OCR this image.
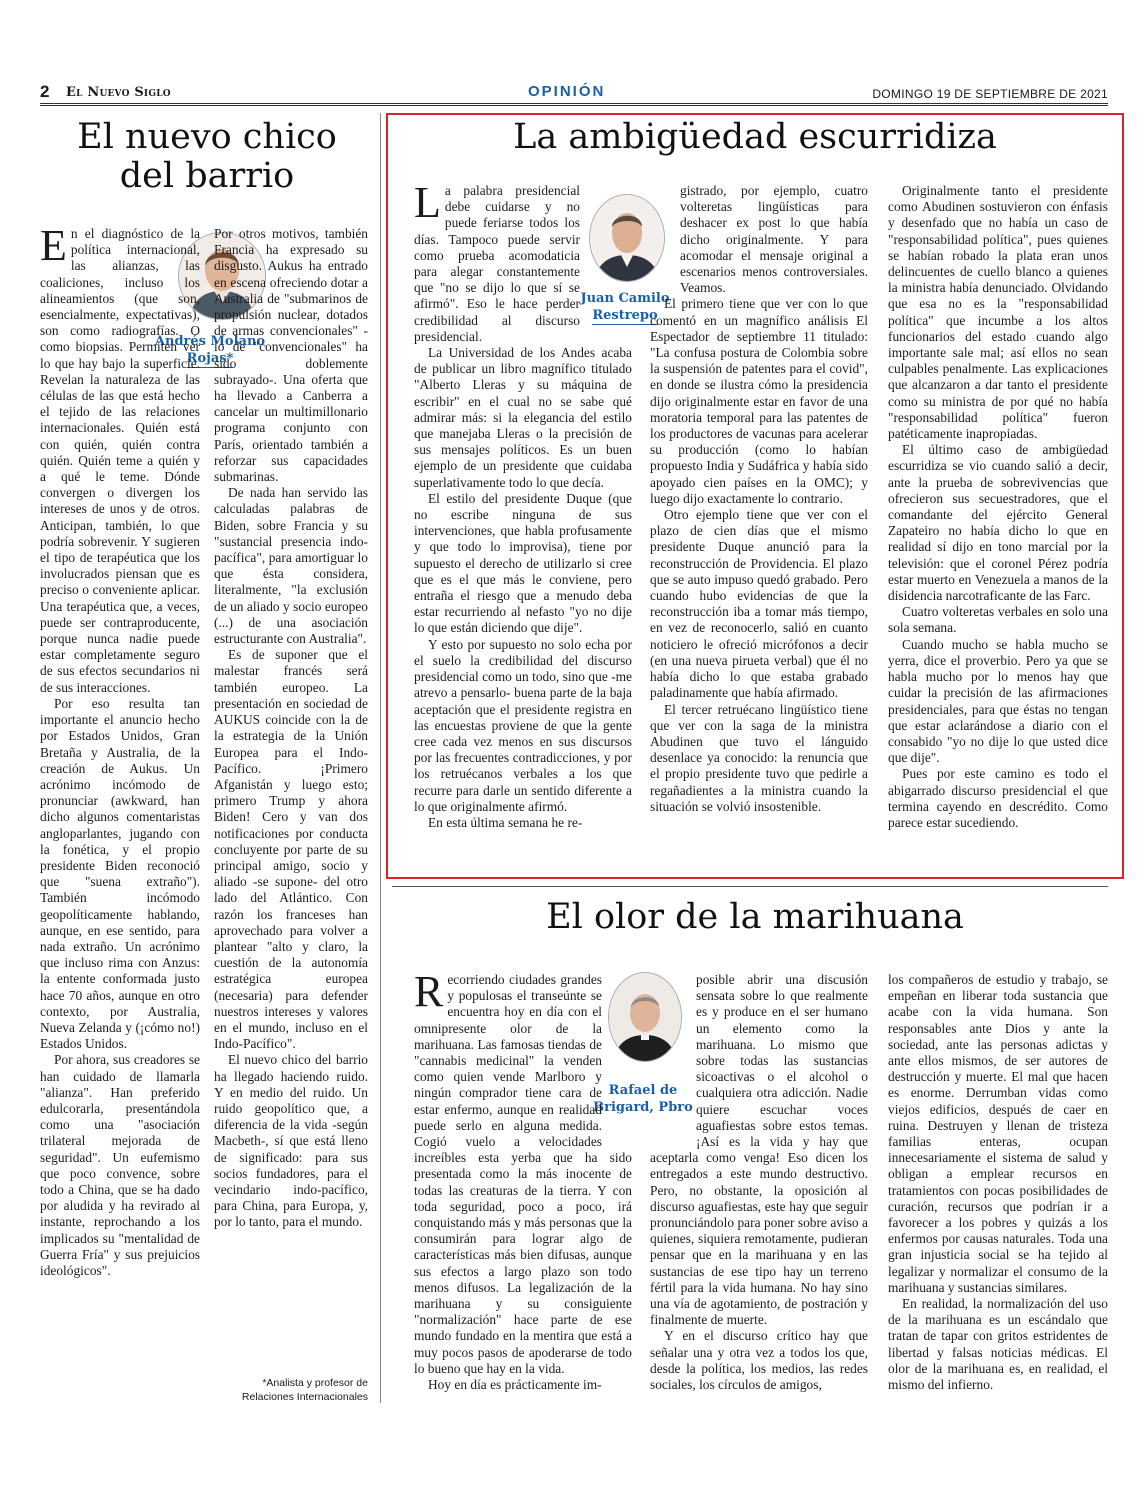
2 El Nuevo Siglo	OPINIÓN	DOMINGO 19 DE SEPTIEMBRE DE 2021
El nuevo chico
del barrio
Andrés Molano
Rojas*

En el diagnóstico de la política internacional, las alianzas, las coaliciones, incluso los alineamientos (que son, esencialmente, expectativas), son como radiografías. O como biopsias. Permiten ver lo que hay bajo la superficie. Revelan la naturaleza de las células de las que está hecho el tejido de las relaciones internacionales. Quién está con quién, quién contra quién. Quién teme a quién y a qué le teme. Dónde convergen o divergen los intereses de unos y de otros. Anticipan, también, lo que podría sobrevenir. Y sugieren el tipo de terapéutica que los involucrados piensan que es preciso o conveniente aplicar. Una terapéutica que, a veces, puede ser contraproducente, porque nunca nadie puede estar completamente seguro de sus efectos secundarios ni de sus interacciones.

Por eso resulta tan importante el anuncio hecho por Estados Unidos, Gran Bretaña y Australia, de la creación de Aukus. Un acrónimo incómodo de pronunciar (awkward, han dicho algunos comentaristas angloparlantes, jugando con la fonética, y el propio presidente Biden reconoció que "suena extraño"). También incómodo geopolíticamente hablando, aunque, en ese sentido, para nada extraño. Un acrónimo que incluso rima con Anzus: la entente conformada justo hace 70 años, aunque en otro contexto, por Australia, Nueva Zelanda y (¡cómo no!) Estados Unidos.

Por ahora, sus creadores se han cuidado de llamarla "alianza". Han preferido edulcorarla, presentándola como una "asociación trilateral mejorada de seguridad". Un eufemismo que poco convence, sobre todo a China, que se ha dado por aludida y ha revirado al instante, reprochando a los implicados su "mentalidad de Guerra Fría" y sus prejuicios ideológicos".

Por otros motivos, también Francia ha expresado su disgusto. Aukus ha entrado en escena ofreciendo dotar a Australia de "submarinos de propulsión nuclear, dotados de armas convencionales" -lo de "convencionales" ha sido doblemente subrayado-. Una oferta que ha llevado a Canberra a cancelar un multimillonario programa conjunto con París, orientado también a reforzar sus capacidades submarinas.

De nada han servido las calculadas palabras de Biden, sobre Francia y su "sustancial presencia indo-pacífica", para amortiguar lo que ésta considera, literalmente, "la exclusión de un aliado y socio europeo (...) de una asociación estructurante con Australia".

Es de suponer que el malestar francés será también europeo. La presentación en sociedad de AUKUS coincide con la de la estrategia de la Unión Europea para el Indo-Pacífico. ¡Primero Afganistán y luego esto; primero Trump y ahora Biden! Cero y van dos notificaciones por conducta concluyente por parte de su principal amigo, socio y aliado -se supone- del otro lado del Atlántico. Con razón los franceses han aprovechado para volver a plantear "alto y claro, la cuestión de la autonomía estratégica europea (necesaria) para defender nuestros intereses y valores en el mundo, incluso en el Indo-Pacífico".

El nuevo chico del barrio ha llegado haciendo ruido. Y en medio del ruido. Un ruido geopolítico que, a diferencia de la vida -según Macbeth-, sí que está lleno de significado: para sus socios fundadores, para el vecindario indo-pacífico, para China, para Europa, y, por lo tanto, para el mundo.

*Analista y profesor de Relaciones Internacionales
La ambigüedad escurridiza
Juan Camilo
Restrepo

La palabra presidencial debe cuidarse y no puede feriarse todos los días. Tampoco puede servir como prueba acomodaticia para alegar constantemente que "no se dijo lo que sí se afirmó". Eso le hace perder credibilidad al discurso presidencial.

La Universidad de los Andes acaba de publicar un libro magnífico titulado "Alberto Lleras y su máquina de escribir" en el cual no se sabe qué admirar más: si la elegancia del estilo que manejaba Lleras o la precisión de sus mensajes políticos. Es un buen ejemplo de un presidente que cuidaba superlativamente todo lo que decía.

El estilo del presidente Duque (que no escribe ninguna de sus intervenciones, que habla profusamente y que todo lo improvisa), tiene por supuesto el derecho de utilizarlo si cree que es el que más le conviene, pero entraña el riesgo que a menudo deba estar recurriendo al nefasto "yo no dije lo que están diciendo que dije".

Y esto por supuesto no solo echa por el suelo la credibilidad del discurso presidencial como un todo, sino que -me atrevo a pensarlo- buena parte de la baja aceptación que el presidente registra en las encuestas proviene de que la gente cree cada vez menos en sus discursos por las frecuentes contradicciones, y por los retruécanos verbales a los que recurre para darle un sentido diferente a lo que originalmente afirmó.

En esta última semana he re-

gistrado, por ejemplo, cuatro volteretas lingüísticas para deshacer ex post lo que había dicho originalmente. Y para acomodar el mensaje original a escenarios menos controversiales. Veamos.

El primero tiene que ver con lo que comentó en un magnífico análisis El Espectador de septiembre 11 titulado: "La confusa postura de Colombia sobre la suspensión de patentes para el covid", en donde se ilustra cómo la presidencia dijo originalmente estar en favor de una moratoria temporal para las patentes de los productores de vacunas para acelerar su producción (como lo habían propuesto India y Sudáfrica y había sido apoyado cien países en la OMC); y luego dijo exactamente lo contrario.

Otro ejemplo tiene que ver con el plazo de cien días que el mismo presidente Duque anunció para la reconstrucción de Providencia. El plazo que se auto impuso quedó grabado. Pero cuando hubo evidencias de que la reconstrucción iba a tomar más tiempo, en vez de reconocerlo, salió en cuanto noticiero le ofreció micrófonos a decir (en una nueva pirueta verbal) que él no había dicho lo que estaba grabado paladinamente que había afirmado.

El tercer retruécano lingüístico tiene que ver con la saga de la ministra Abudinen que tuvo el lánguido desenlace ya conocido: la renuncia que el propio presidente tuvo que pedirle a regañadientes a la ministra cuando la situación se volvió insostenible.

Originalmente tanto el presidente como Abudinen sostuvieron con énfasis y desenfado que no había un caso de "responsabilidad política", pues quienes se habían robado la plata eran unos delincuentes de cuello blanco a quienes la ministra había denunciado. Olvidando que esa no es la "responsabilidad política" que incumbe a los altos funcionarios del estado cuando algo importante sale mal; así ellos no sean culpables penalmente. Las explicaciones que alcanzaron a dar tanto el presidente como su ministra de por qué no había "responsabilidad política" fueron patéticamente inapropiadas.

El último caso de ambigüedad escurridiza se vio cuando salió a decir, ante la prueba de sobrevivencias que ofrecieron sus secuestradores, que el comandante del ejército General Zapateiro no había dicho lo que en realidad sí dijo en tono marcial por la televisión: que el coronel Pérez podría estar muerto en Venezuela a manos de la disidencia narcotraficante de las Farc.

Cuatro volteretas verbales en solo una sola semana.

Cuando mucho se habla mucho se yerra, dice el proverbio. Pero ya que se habla mucho por lo menos hay que cuidar la precisión de las afirmaciones presidenciales, para que éstas no tengan que estar aclarándose a diario con el consabido "yo no dije lo que usted dice que dije".

Pues por este camino es todo el abigarrado discurso presidencial el que termina cayendo en descrédito. Como parece estar sucediendo.

El olor de la marihuana
Rafael de
Brigard, Pbro

Recorriendo ciudades grandes y populosas el transeúnte se encuentra hoy en día con el omnipresente olor de la marihuana. Las famosas tiendas de "cannabis medicinal" la venden como quien vende Marlboro y ningún comprador tiene cara de estar enfermo, aunque en realidad puede serlo en alguna medida. Cogió vuelo a velocidades increíbles esta yerba que ha sido presentada como la más inocente de todas las creaturas de la tierra. Y con toda seguridad, poco a poco, irá conquistando más y más personas que la consumirán para lograr algo de características más bien difusas, aunque sus efectos a largo plazo son todo menos difusos. La legalización de la marihuana y su consiguiente "normalización" hace parte de ese mundo fundado en la mentira que está a muy pocos pasos de apoderarse de todo lo bueno que hay en la vida.

Hoy en día es prácticamente im-

posible abrir una discusión sensata sobre lo que realmente es y produce en el ser humano un elemento como la marihuana. Lo mismo que sobre todas las sustancias sicoactivas o el alcohol o cualquiera otra adicción. Nadie quiere escuchar voces aguafiestas sobre estos temas. ¡Así es la vida y hay que aceptarla como venga! Eso dicen los entregados a este mundo destructivo. Pero, no obstante, la oposición al discurso aguafiestas, este hay que seguir pronunciándolo para poner sobre aviso a quienes, siquiera remotamente, pudieran pensar que en la marihuana y en las sustancias de ese tipo hay un terreno fértil para la vida humana. No hay sino una vía de agotamiento, de postración y finalmente de muerte.

Y en el discurso crítico hay que señalar una y otra vez a todos los que, desde la política, los medios, las redes sociales, los círculos de amigos,

los compañeros de estudio y trabajo, se empeñan en liberar toda sustancia que acabe con la vida humana. Son responsables ante Dios y ante la sociedad, ante las personas adictas y ante ellos mismos, de ser autores de destrucción y muerte. El mal que hacen es enorme. Derrumban vidas como viejos edificios, después de caer en ruina. Destruyen y llenan de tristeza familias enteras, ocupan innecesariamente el sistema de salud y obligan a emplear recursos en tratamientos con pocas posibilidades de curación, recursos que podrían ir a favorecer a los pobres y quizás a los enfermos por causas naturales. Toda una gran injusticia social se ha tejido al legalizar y normalizar el consumo de la marihuana y sustancias similares.

En realidad, la normalización del uso de la marihuana es un escándalo que tratan de tapar con gritos estridentes de libertad y falsas noticias médicas. El olor de la marihuana es, en realidad, el mismo del infierno.
